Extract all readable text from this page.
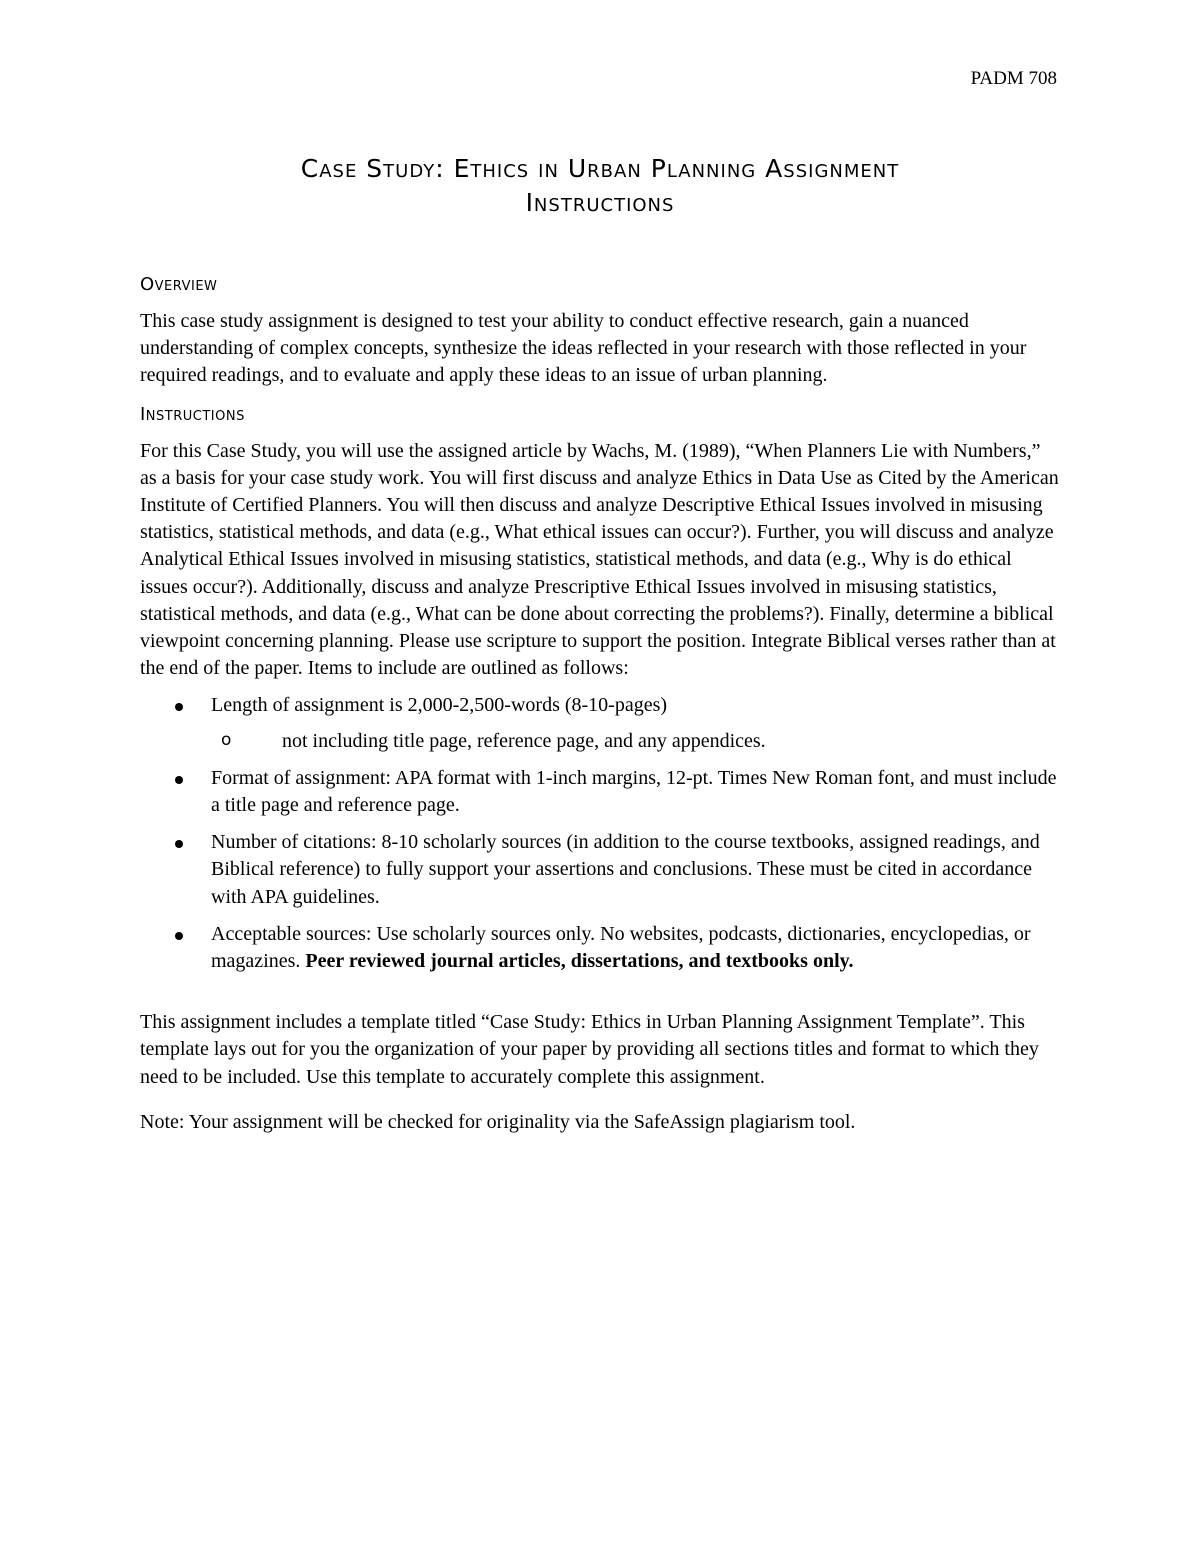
PADM 708
Case Study: Ethics in Urban Planning Assignment
Instructions
Overview

This case study assignment is designed to test your ability to conduct effective research, gain a nuanced understanding of complex concepts, synthesize the ideas reflected in your research with those reflected in your required readings, and to evaluate and apply these ideas to an issue of urban planning.

Instructions

For this Case Study, you will use the assigned article by Wachs, M. (1989), “When Planners Lie with Numbers,” as a basis for your case study work. You will first discuss and analyze Ethics in Data Use as Cited by the American Institute of Certified Planners. You will then discuss and analyze Descriptive Ethical Issues involved in misusing statistics, statistical methods, and data (e.g., What ethical issues can occur?). Further, you will discuss and analyze Analytical Ethical Issues involved in misusing statistics, statistical methods, and data (e.g., Why is do ethical issues occur?). Additionally, discuss and analyze Prescriptive Ethical Issues involved in misusing statistics, statistical methods, and data (e.g., What can be done about correcting the problems?). Finally, determine a biblical viewpoint concerning planning. Please use scripture to support the position. Integrate Biblical verses rather than at the end of the paper. Items to include are outlined as follows:

Length of assignment is 2,000-2,500-words (8-10-pages)
o	not including title page, reference page, and any appendices.
Format of assignment: APA format with 1-inch margins, 12-pt. Times New Roman font, and must include a title page and reference page.
Number of citations: 8-10 scholarly sources (in addition to the course textbooks, assigned readings, and Biblical reference) to fully support your assertions and conclusions. These must be cited in accordance with APA guidelines.
Acceptable sources: Use scholarly sources only. No websites, podcasts, dictionaries, encyclopedias, or magazines. Peer reviewed journal articles, dissertations, and textbooks only.

This assignment includes a template titled “Case Study: Ethics in Urban Planning Assignment Template”. This template lays out for you the organization of your paper by providing all sections titles and format to which they need to be included. Use this template to accurately complete this assignment.

Note: Your assignment will be checked for originality via the SafeAssign plagiarism tool.
